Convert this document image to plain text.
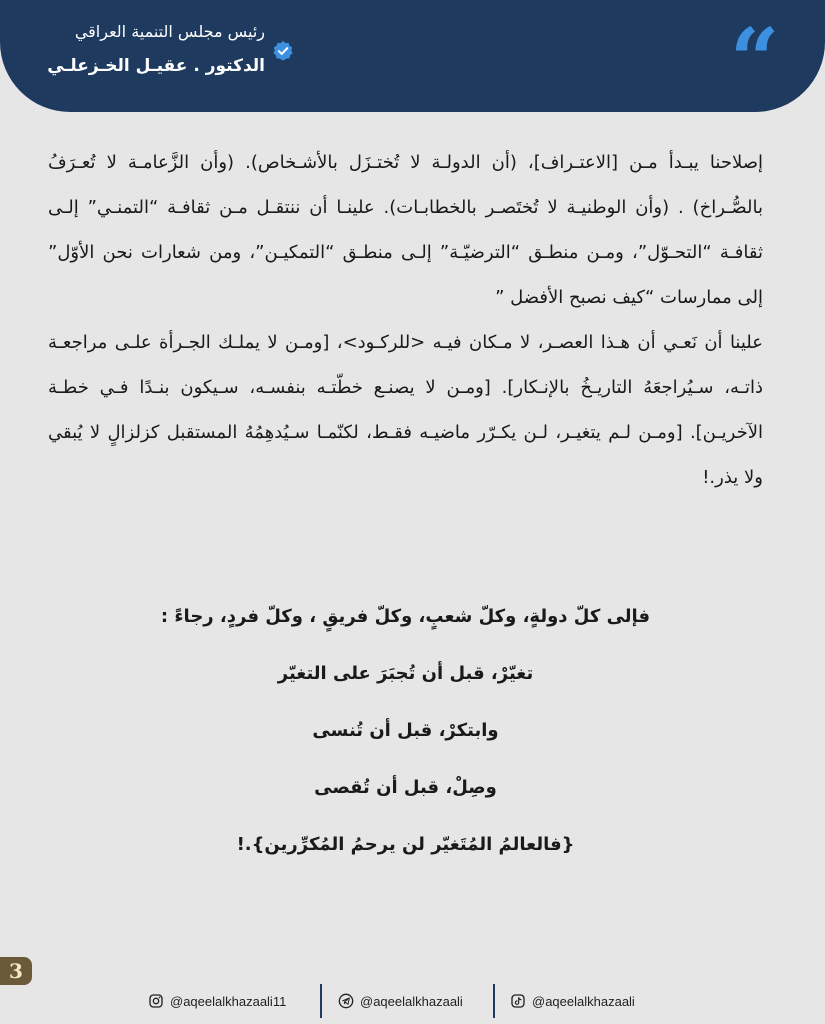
“
رئيس مجلس التنمية العراقي
الدكتور . عقيـل الخـزعلـي

إصلاحنا يبـدأ مـن [الاعتـراف]، (أن الدولـة لا تُختـزَل بالأشـخاص). (وأن الزَّعامـة لا تُعـرَفُ بالصُّـراخ) . (وأن الوطنيـة لا تُختَصـر بالخطابـات). علينـا أن ننتقـل مـن ثقافـة “التمنـي” إلـى ثقافـة “التحـوّل”، ومـن منطـق “الترضيّـة” إلـى منطـق “التمكيـن”، ومن شعارات نحن الأوّل” إلى ممارسات “كيف نصبح الأفضل ”

علينا أن نَعـي أن هـذا العصـر، لا مـكان فيـه <للركـود>، [ومـن لا يملـك الجـرأة علـى مراجعـة ذاتـه، سـيُراجعَهُ التاريـخُ بالإنـكار]. [ومـن لا يصنـع خطّتـه بنفسـه، سـيكون بنـدًا فـي خطـة الآخريـن]. [ومـن لـم يتغيـر، لـن يكـرّر ماضيـه فقـط، لكنّمـا سـيُدهِمُهُ المستقبل كزلزالٍ لا يُبقي ولا يذر.!

فإلى كلّ دولةٍ، وكلّ شعبٍ، وكلّ فريقٍ ، وكلّ فردٍ، رجاءً :
تغيّرْ، قبل أن تُجبَرَ على التغيّر
وابتكرْ، قبل أن تُنسى
وصِلْ، قبل أن تُقصى
{فالعالمُ المُتَغيّر لن يرحمُ المُكرِّرين}.!
3
@aqeelalkhazaali11	@aqeelalkhazaali	@aqeelalkhazaali
